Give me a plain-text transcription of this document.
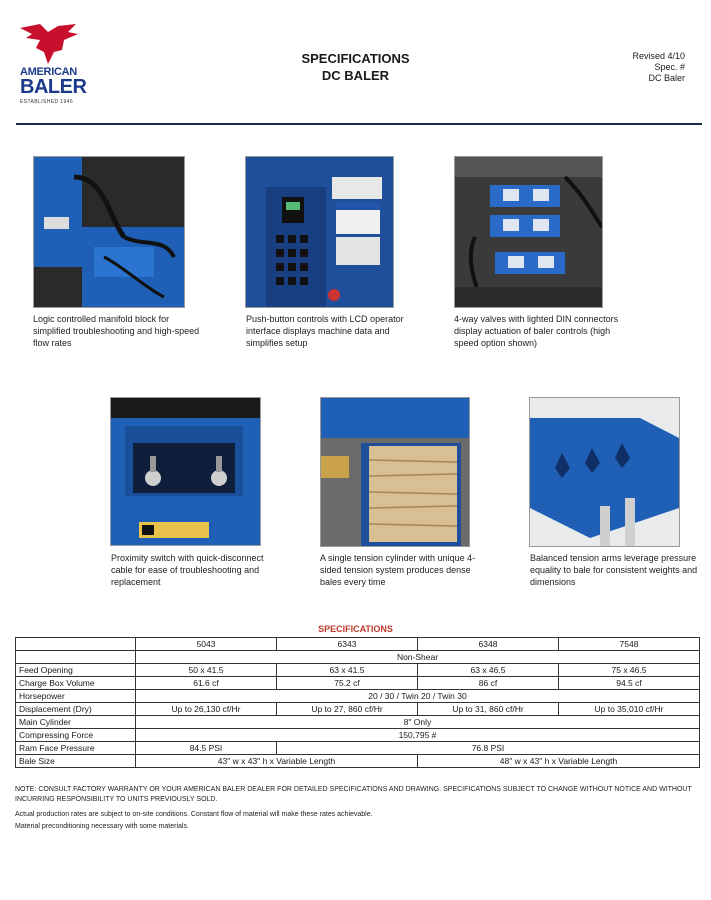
AMERICAN
BALER
ESTABLISHED 1946
SPECIFICATIONS
DC BALER
Revised 4/10
Spec. #
DC Baler
Logic controlled manifold block for simplified troubleshooting and high-speed flow rates
Push-button controls with LCD operator interface displays machine data and simplifies setup
4-way valves with lighted DIN connectors display actuation of baler controls (high speed option shown)
Proximity switch with quick-disconnect cable for ease of troubleshooting and replacement
A single tension cylinder with unique 4-sided tension system produces dense bales every time
Balanced tension arms leverage pressure equality to bale for consistent weights and dimensions
SPECIFICATIONS
	5043	6343	6348	7548
	Non-Shear			
Feed Opening	50 x 41.5	63 x 41.5	63 x 46.5	75 x 46.5
Charge Box Volume	61.6 cf	75.2 cf	86 cf	94.5 cf
Horsepower	20 / 30 / Twin 20 / Twin 30			
Displacement (Dry)	Up to 26,130 cf/Hr	Up to 27, 860 cf/Hr	Up to 31, 860 cf/Hr	Up to 35,010 cf/Hr
Main Cylinder	8" Only			
Compressing Force	150,795 #			
Ram Face Pressure	84.5 PSI	76.8 PSI		
Bale Size	43" w x 43" h x Variable Length		48" w x 43" h x Variable Length	
NOTE: CONSULT FACTORY WARRANTY OR YOUR AMERICAN BALER DEALER FOR DETAILED SPECIFICATIONS AND DRAWING. SPECIFICATIONS SUBJECT TO CHANGE WITHOUT NOTICE AND WITHOUT INCURRING RESPONSIBILITY TO UNITS PREVIOUSLY SOLD.
Actual production rates are subject to on-site conditions. Constant flow of material will make these rates achievable.
Material preconditioning necessary with some materials.
